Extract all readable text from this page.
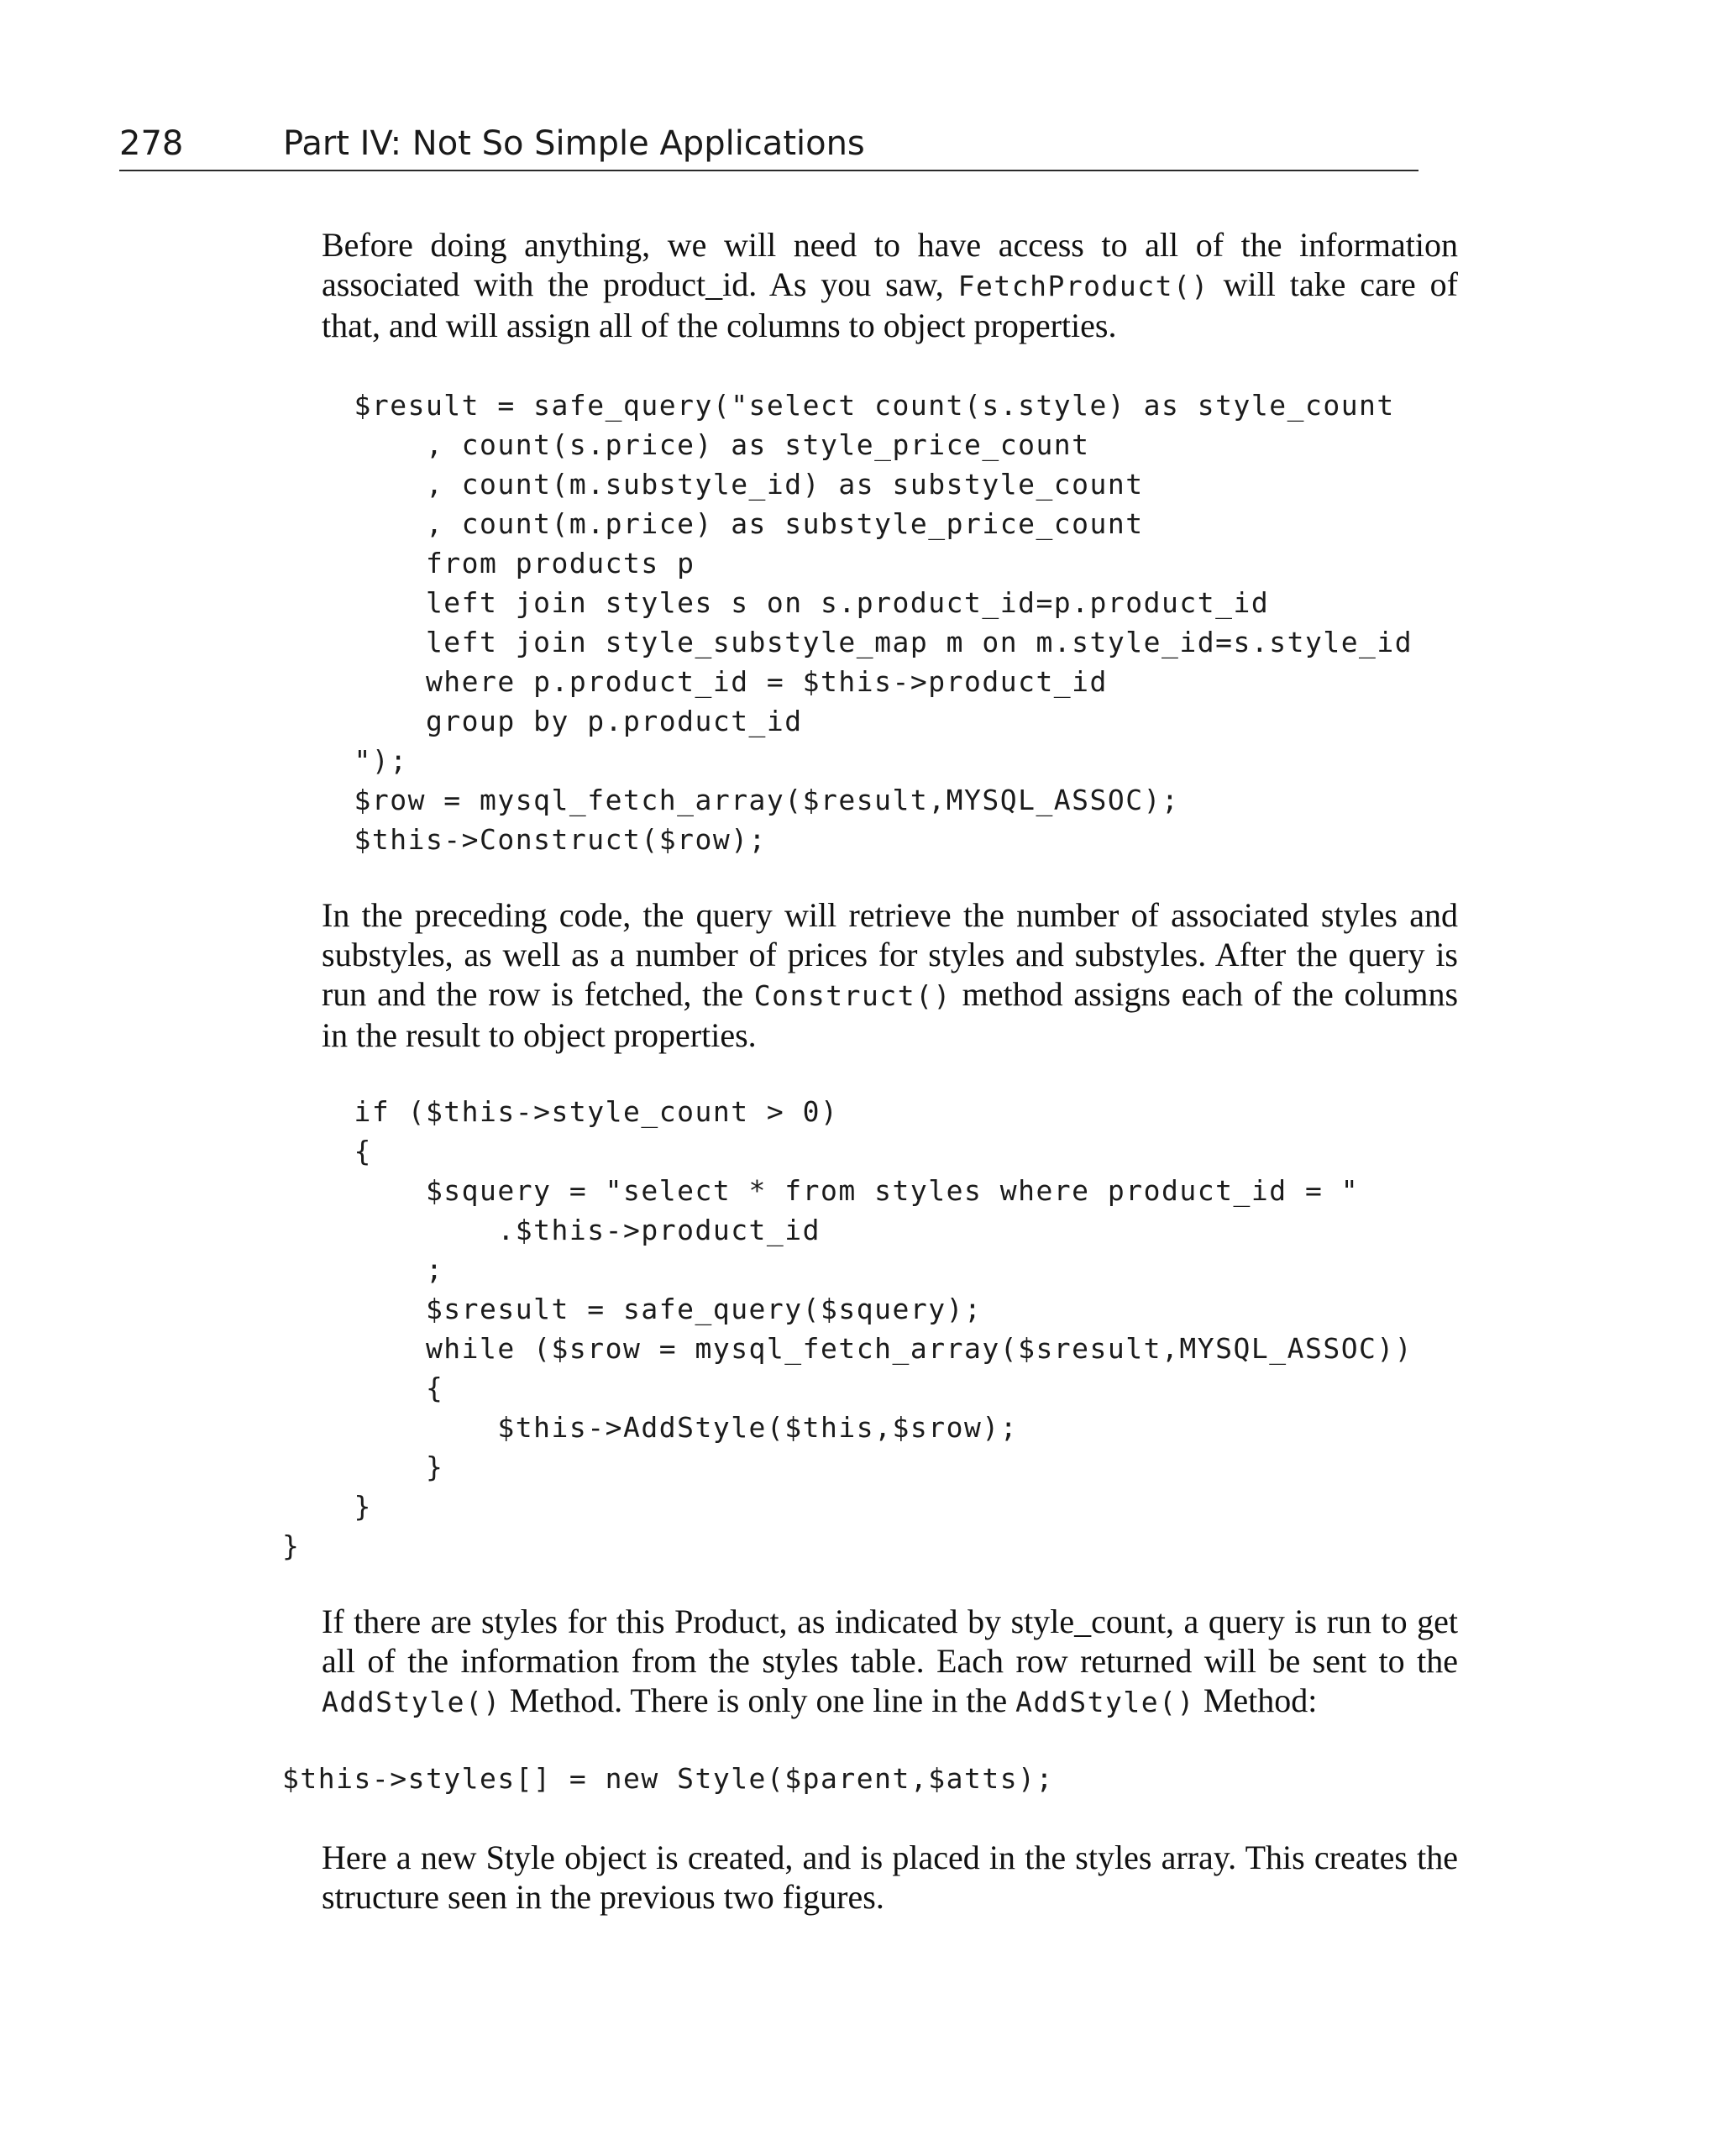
278	Part IV: Not So Simple Applications

Before doing anything, we will need to have access to all of the information associated with the product_id. As you saw, FetchProduct() will take care of that, and will assign all of the columns to object properties.

$result = safe_query("select count(s.style) as style_count
, count(s.price) as style_price_count
, count(m.substyle_id) as substyle_count
, count(m.price) as substyle_price_count
from products p
left join styles s on s.product_id=p.product_id
left join style_substyle_map m on m.style_id=s.style_id
where p.product_id = $this->product_id
group by p.product_id
");
$row = mysql_fetch_array($result,MYSQL_ASSOC);
$this->Construct($row);

In the preceding code, the query will retrieve the number of associated styles and substyles, as well as a number of prices for styles and substyles. After the query is run and the row is fetched, the Construct() method assigns each of the columns in the result to object properties.

if ($this->style_count > 0)
{
$squery = "select * from styles where product_id = "
.$this->product_id
;
$sresult = safe_query($squery);
while ($srow = mysql_fetch_array($sresult,MYSQL_ASSOC))
{
$this->AddStyle($this,$srow);
}
}
}

If there are styles for this Product, as indicated by style_count, a query is run to get all of the information from the styles table. Each row returned will be sent to the AddStyle() Method. There is only one line in the AddStyle() Method:

$this->styles[] = new Style($parent,$atts);

Here a new Style object is created, and is placed in the styles array. This creates the structure seen in the previous two figures.
